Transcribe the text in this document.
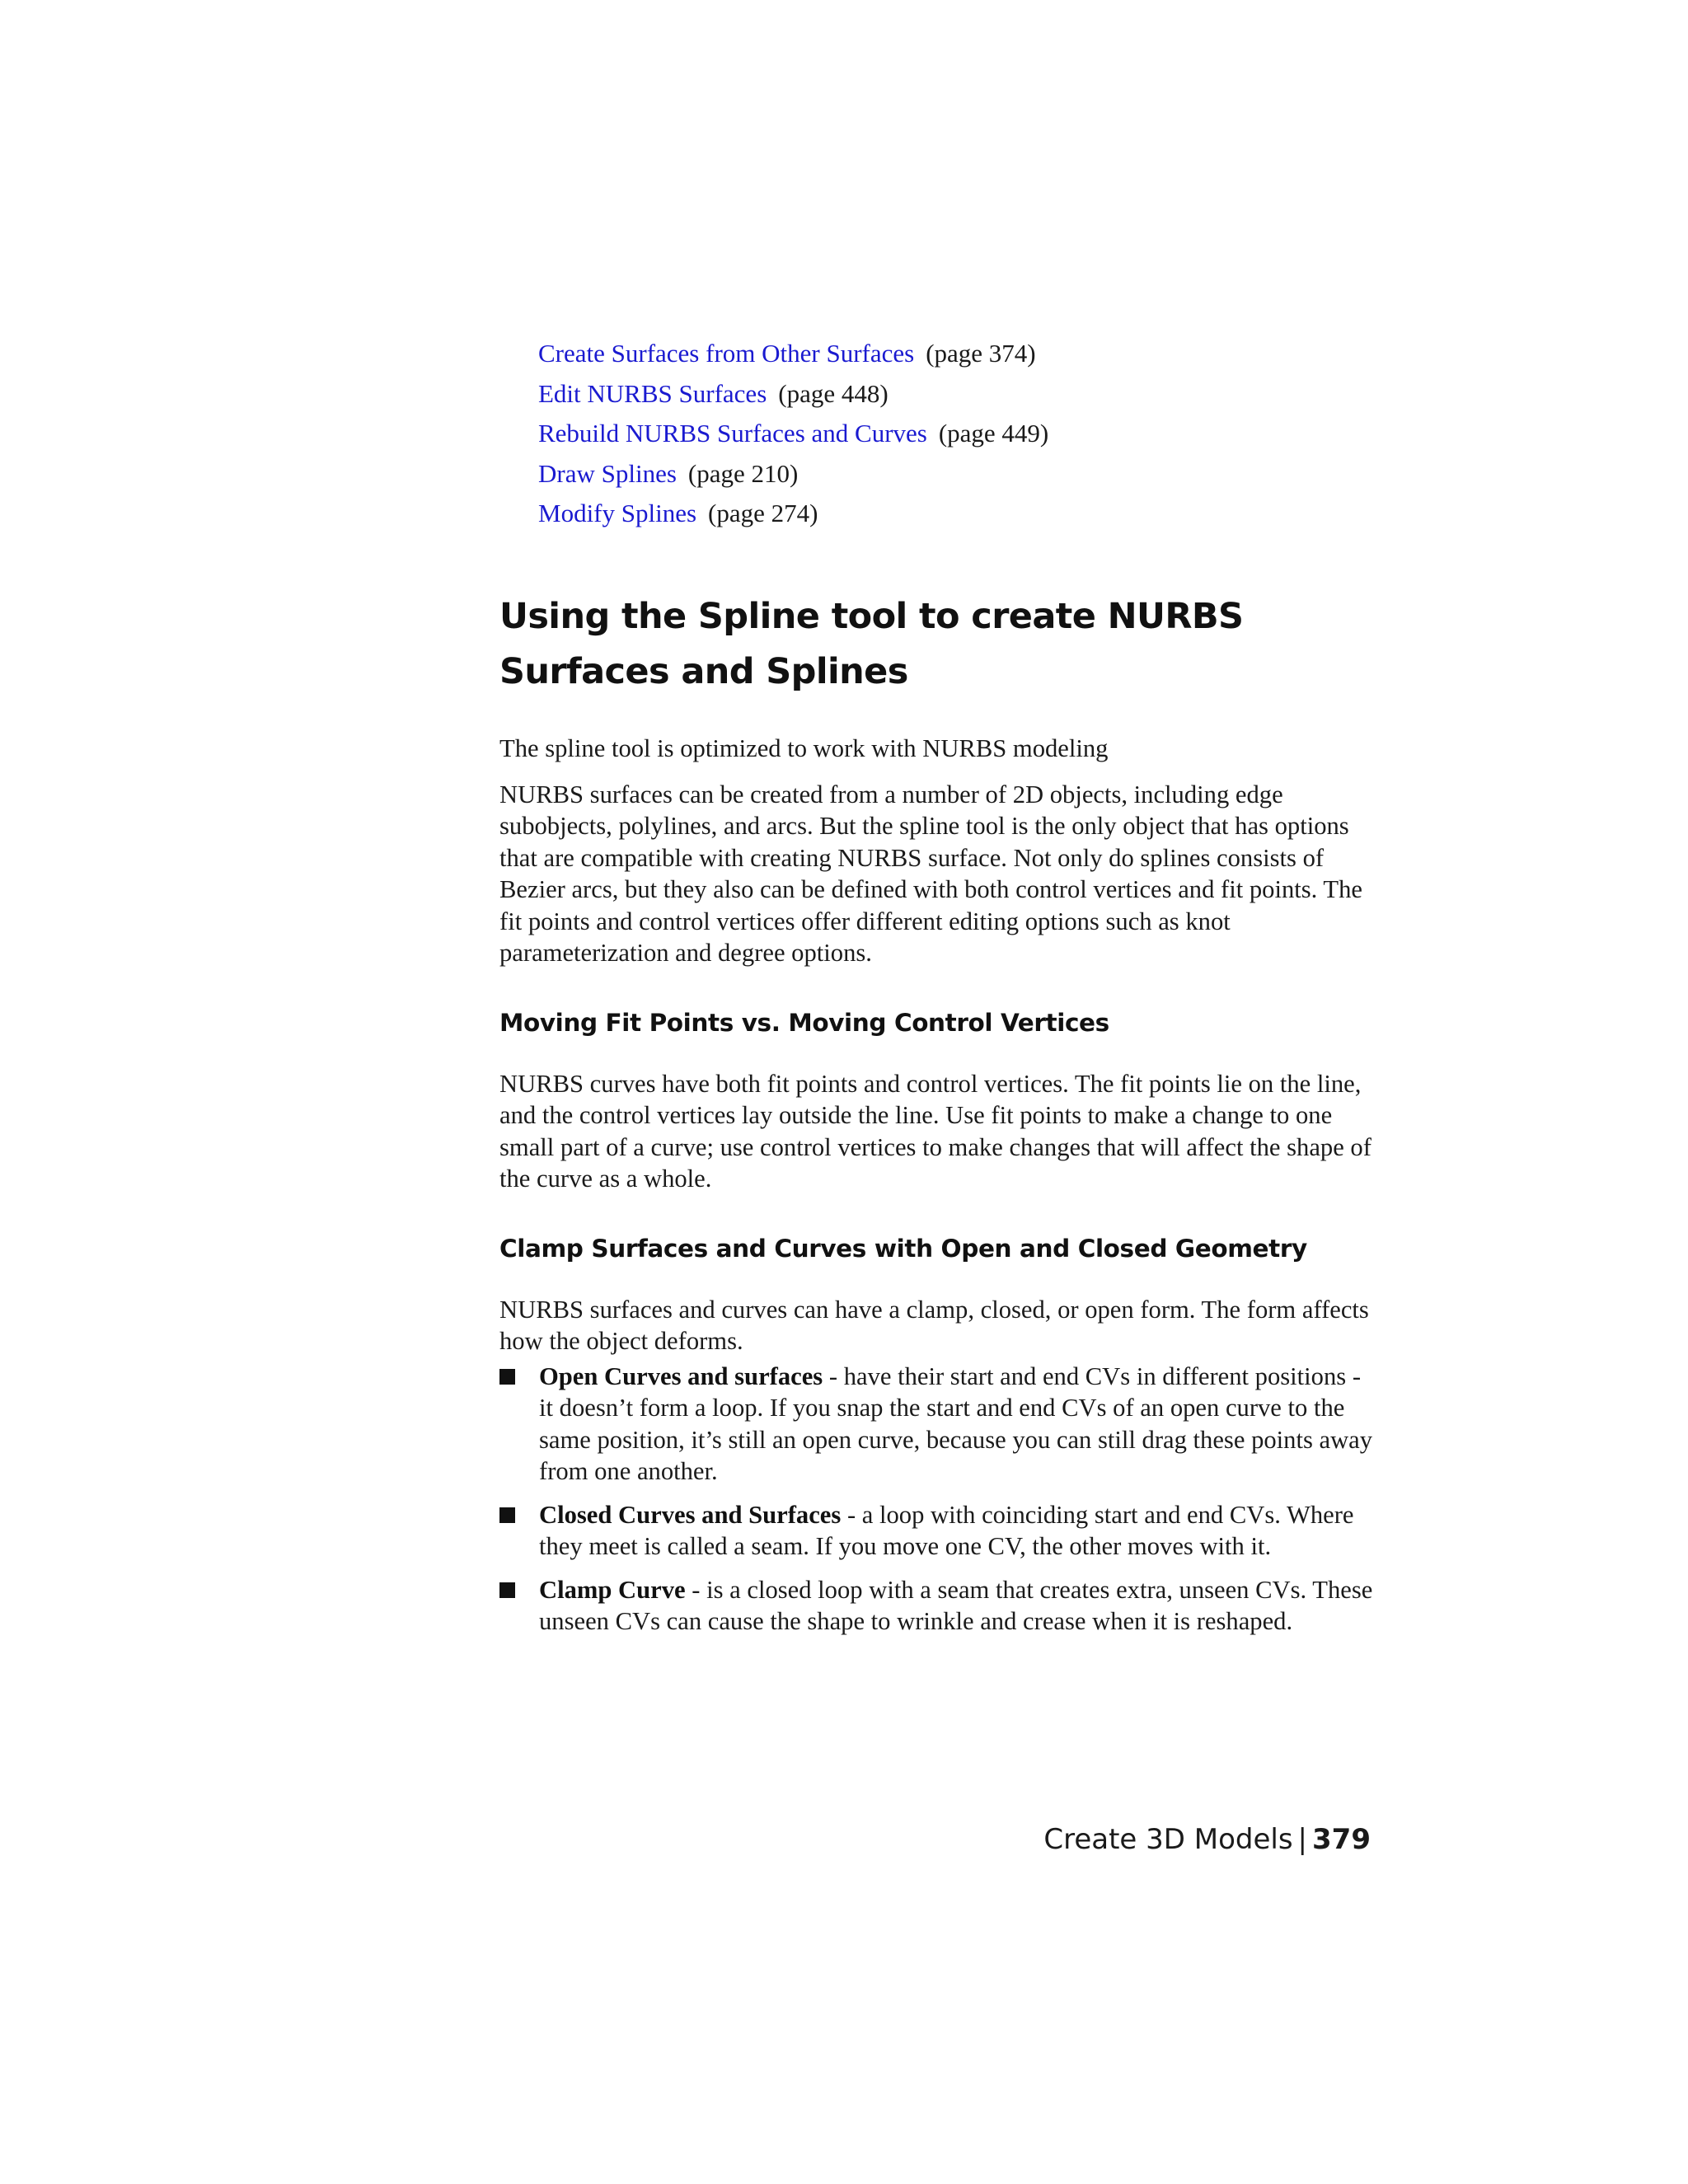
Create Surfaces from Other Surfaces (page 374)
Edit NURBS Surfaces (page 448)
Rebuild NURBS Surfaces and Curves (page 449)
Draw Splines (page 210)
Modify Splines (page 274)
Using the Spline tool to create NURBS Surfaces and Splines

The spline tool is optimized to work with NURBS modeling

NURBS surfaces can be created from a number of 2D objects, including edge subobjects, polylines, and arcs. But the spline tool is the only object that has options that are compatible with creating NURBS surface. Not only do splines consists of Bezier arcs, but they also can be defined with both control vertices and fit points. The fit points and control vertices offer different editing options such as knot parameterization and degree options.

Moving Fit Points vs. Moving Control Vertices

NURBS curves have both fit points and control vertices. The fit points lie on the line, and the control vertices lay outside the line. Use fit points to make a change to one small part of a curve; use control vertices to make changes that will affect the shape of the curve as a whole.

Clamp Surfaces and Curves with Open and Closed Geometry

NURBS surfaces and curves can have a clamp, closed, or open form. The form affects how the object deforms.

Open Curves and surfaces - have their start and end CVs in different positions - it doesn’t form a loop. If you snap the start and end CVs of an open curve to the same position, it’s still an open curve, because you can still drag these points away from one another.
Closed Curves and Surfaces - a loop with coinciding start and end CVs. Where they meet is called a seam. If you move one CV, the other moves with it.
Clamp Curve - is a closed loop with a seam that creates extra, unseen CVs. These unseen CVs can cause the shape to wrinkle and crease when it is reshaped.
Create 3D Models | 379
